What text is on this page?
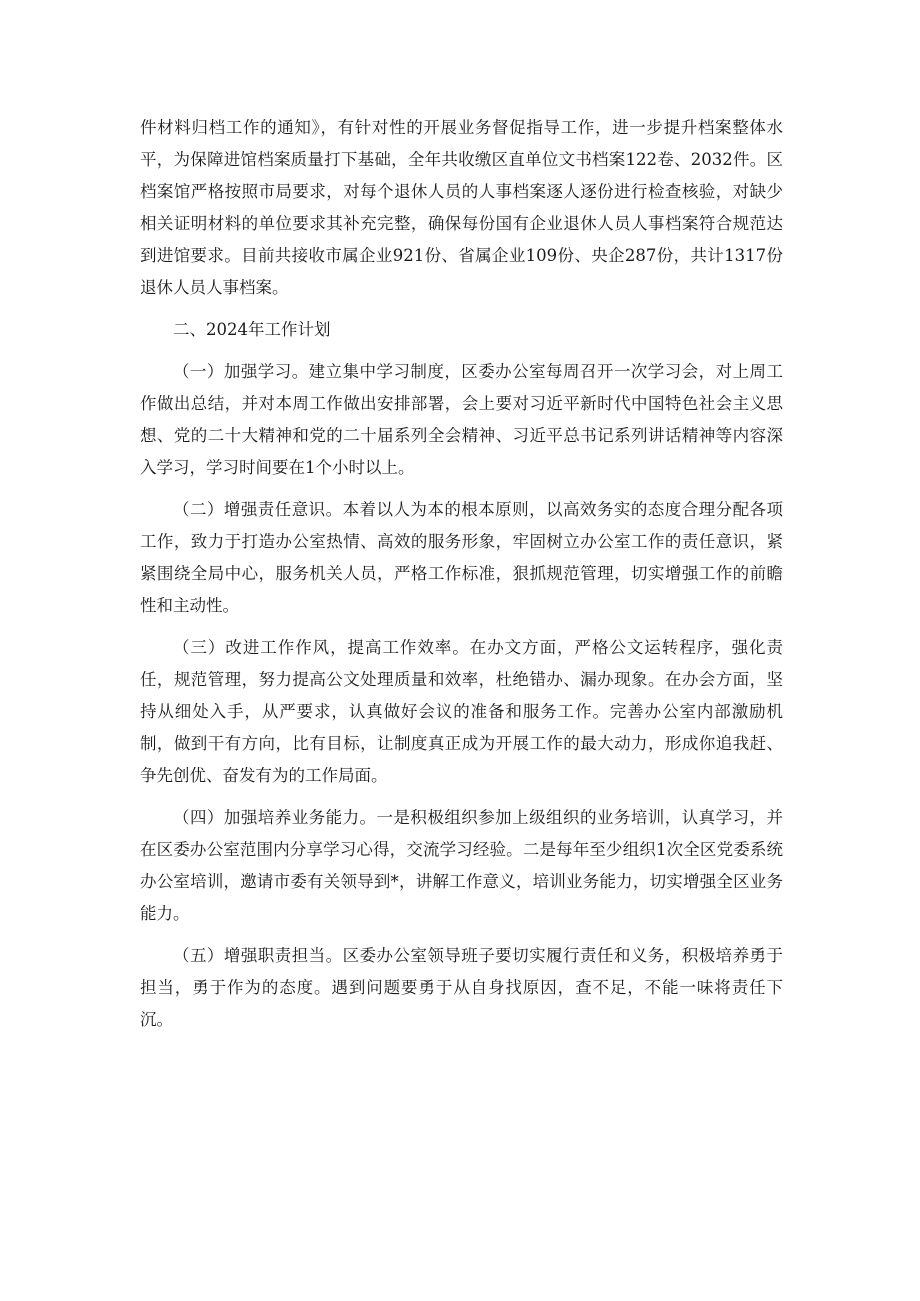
件材料归档工作的通知》，有针对性的开展业务督促指导工作，进一步提升档案整体水平，为保障进馆档案质量打下基础，全年共收缴区直单位文书档案122卷、2032件。区档案馆严格按照市局要求，对每个退休人员的人事档案逐人逐份进行检查核验，对缺少相关证明材料的单位要求其补充完整，确保每份国有企业退休人员人事档案符合规范达到进馆要求。目前共接收市属企业921份、省属企业109份、央企287份，共计1317份退休人员人事档案。

二、2024年工作计划

（一）加强学习。建立集中学习制度，区委办公室每周召开一次学习会，对上周工作做出总结，并对本周工作做出安排部署，会上要对习近平新时代中国特色社会主义思想、党的二十大精神和党的二十届系列全会精神、习近平总书记系列讲话精神等内容深入学习，学习时间要在1个小时以上。

（二）增强责任意识。本着以人为本的根本原则，以高效务实的态度合理分配各项工作，致力于打造办公室热情、高效的服务形象，牢固树立办公室工作的责任意识，紧紧围绕全局中心，服务机关人员，严格工作标准，狠抓规范管理，切实增强工作的前瞻性和主动性。

（三）改进工作作风，提高工作效率。在办文方面，严格公文运转程序，强化责任，规范管理，努力提高公文处理质量和效率，杜绝错办、漏办现象。在办会方面，坚持从细处入手，从严要求，认真做好会议的准备和服务工作。完善办公室内部激励机制，做到干有方向，比有目标，让制度真正成为开展工作的最大动力，形成你追我赶、争先创优、奋发有为的工作局面。

（四）加强培养业务能力。一是积极组织参加上级组织的业务培训，认真学习，并在区委办公室范围内分享学习心得，交流学习经验。二是每年至少组织1次全区党委系统办公室培训，邀请市委有关领导到*，讲解工作意义，培训业务能力，切实增强全区业务能力。

（五）增强职责担当。区委办公室领导班子要切实履行责任和义务，积极培养勇于担当，勇于作为的态度。遇到问题要勇于从自身找原因，查不足，不能一味将责任下沉。
